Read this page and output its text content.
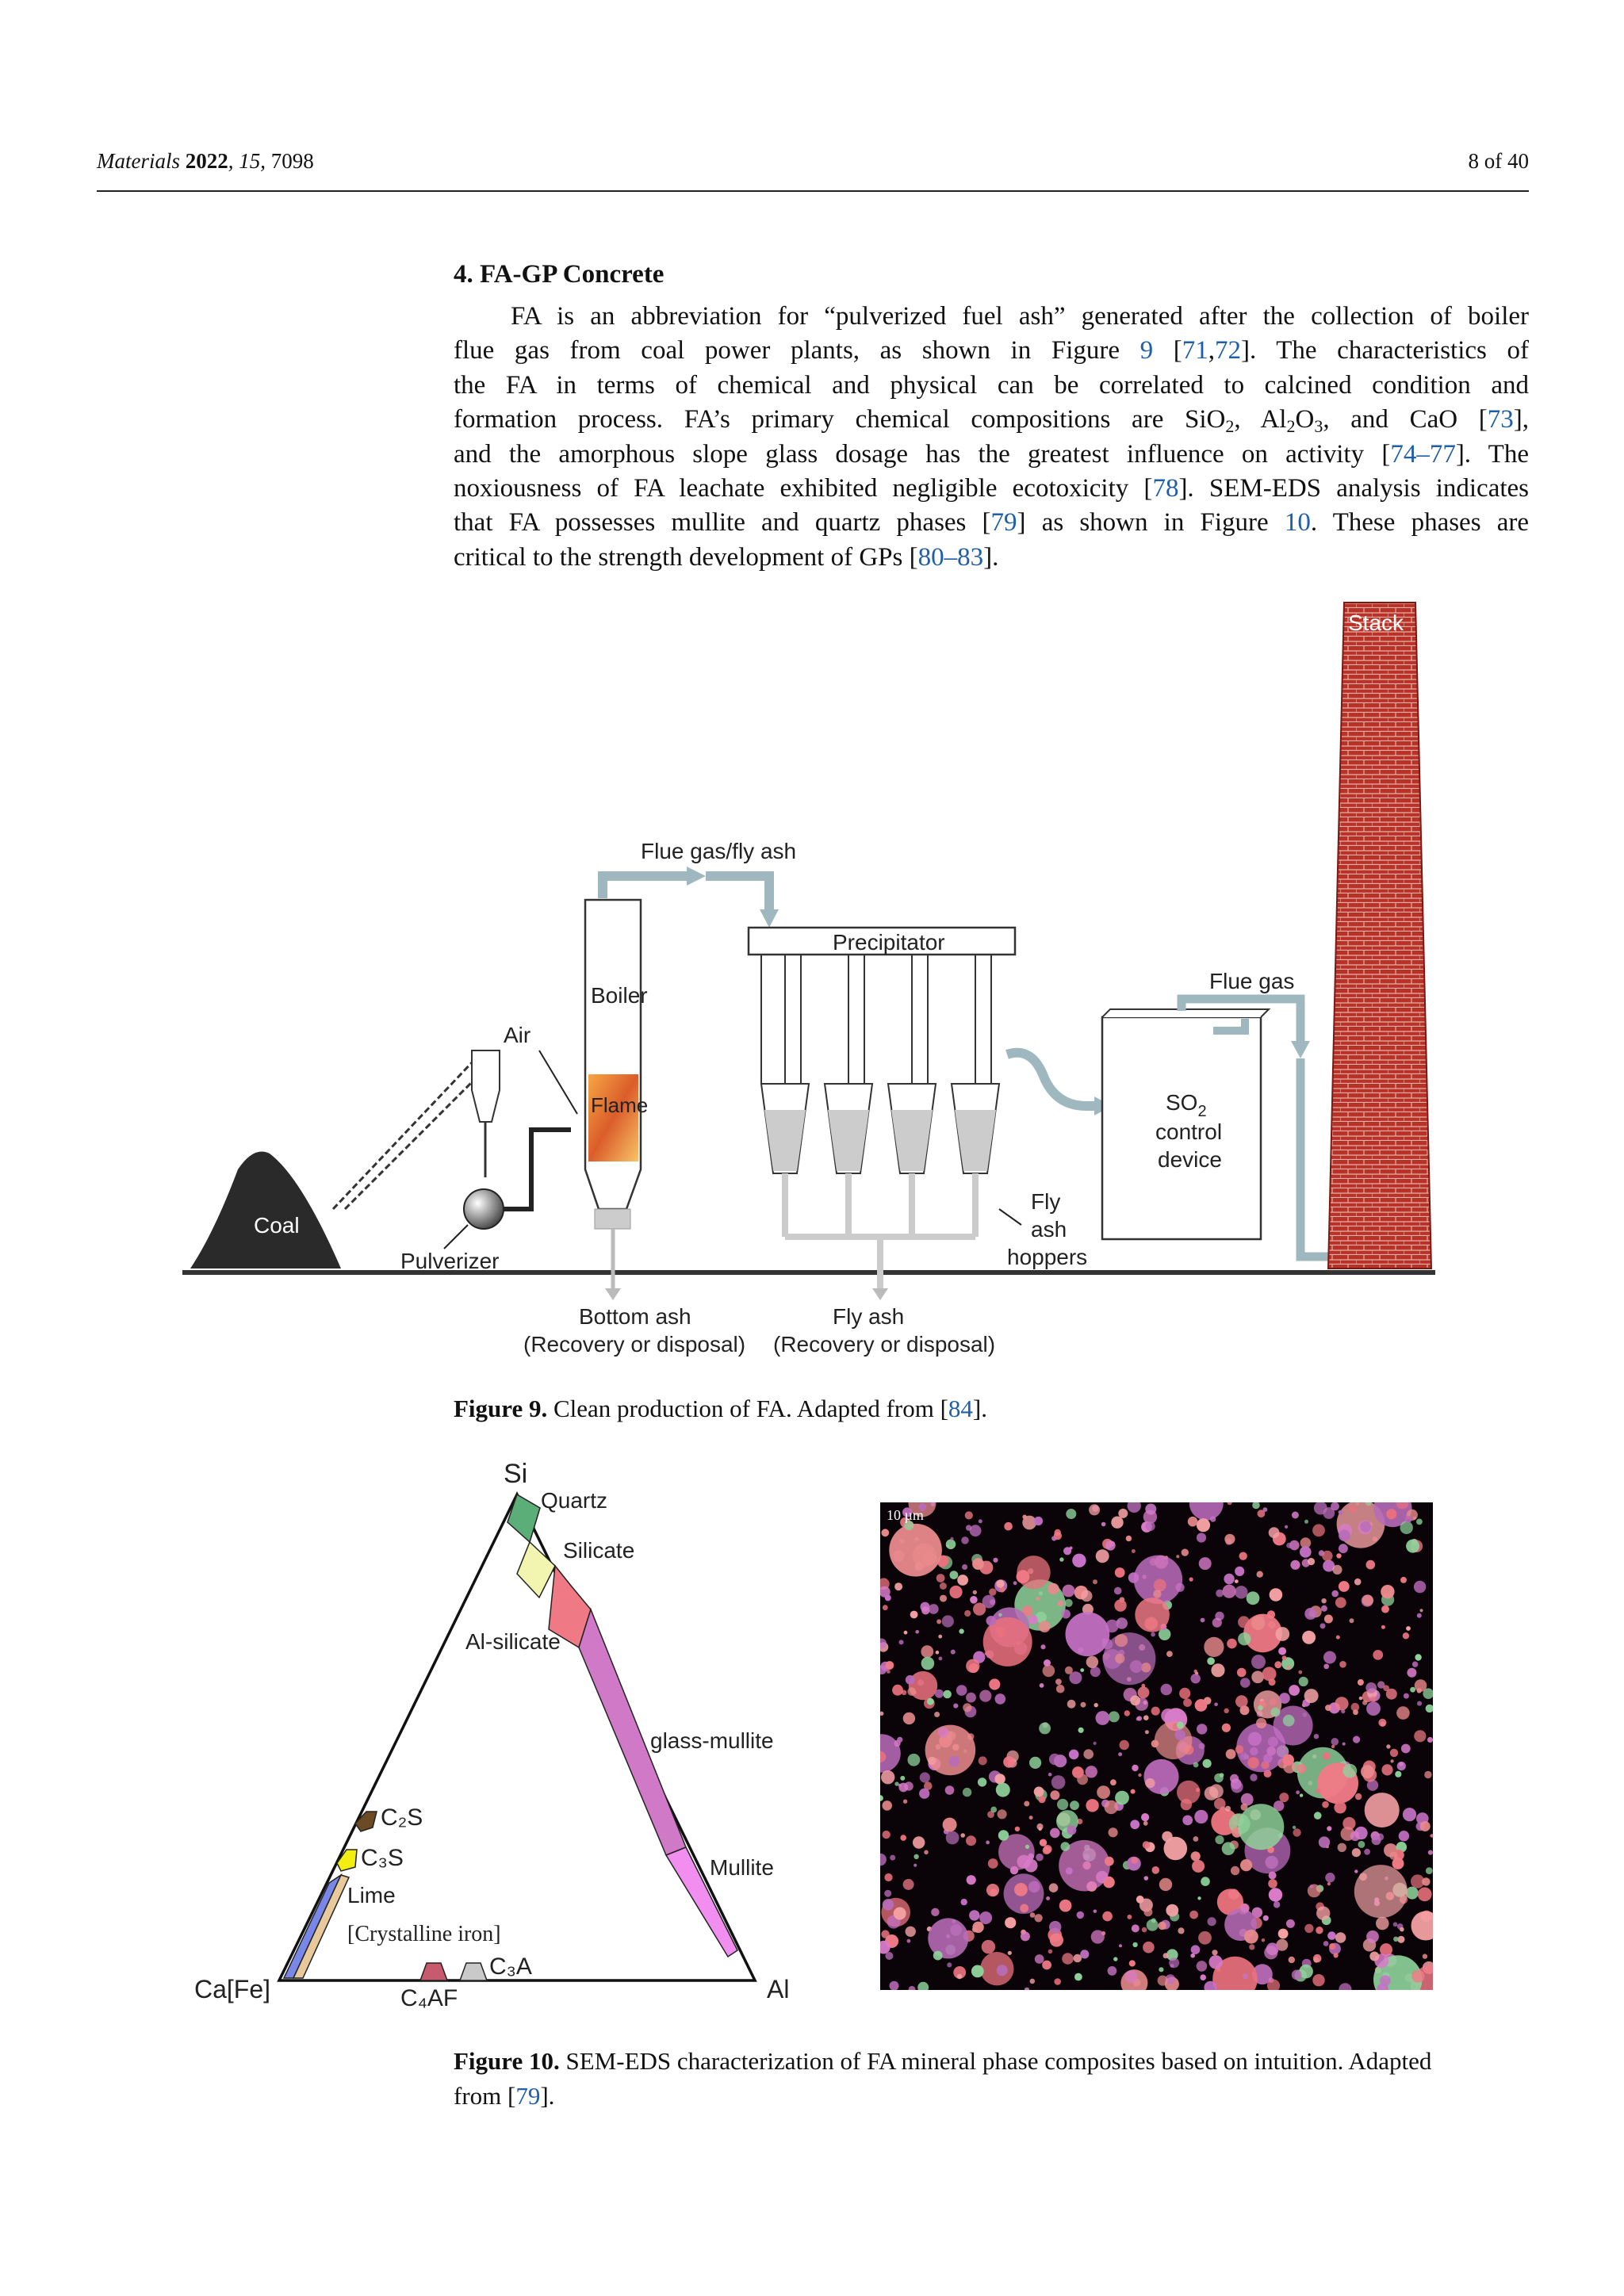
Materials 2022, 15, 7098	8 of 40
4. FA-GP Concrete
FA is an abbreviation for “pulverized fuel ash” generated after the collection of boiler
flue gas from coal power plants, as shown in Figure 9 [71,72]. The characteristics of
the FA in terms of chemical and physical can be correlated to calcined condition and
formation process. FA’s primary chemical compositions are SiO$_2$, $Al_2O_3$, and CaO [73],
and the amorphous slope glass dosage has the greatest influence on activity [74–77]. The
noxiousness of FA leachate exhibited negligible ecotoxicity [78]. SEM-EDS analysis indicates
that FA possesses mullite and quartz phases [79] as shown in Figure 10. These phases are
critical to the strength development of GPs [80–83].
Coal
Pulverizer
Air
Boiler
Flame
Flue gas/fly ash
Precipitator
Fly
ash
hoppers
$SO_2$
control
device
Flue gas
Stack
Bottom ash
(Recovery or disposal)
Fly ash
(Recovery or disposal)
Figure 9. Clean production of FA. Adapted from [84].
Si
Quartz
Silicate
Al-silicate
glass-mullite
Mullite
C₂S
C₃S
Lime
[Crystalline iron]
C₃A
C₄AF
Ca[Fe]	Al
10 µm
Figure 10. SEM-EDS characterization of FA mineral phase composites based on intuition. Adapted
from [79].
